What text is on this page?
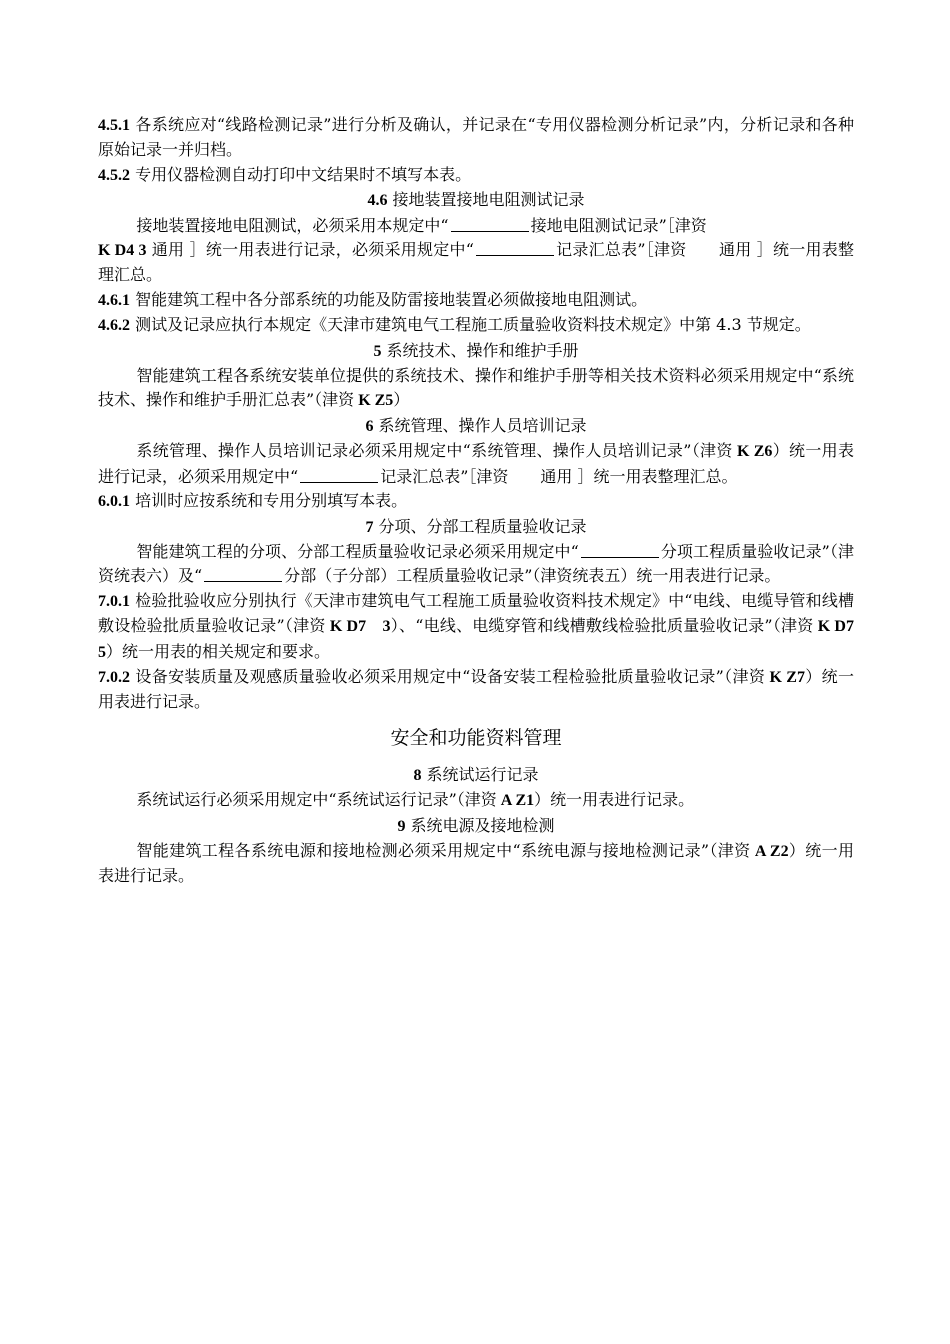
4.5.1 各系统应对“线路检测记录”进行分析及确认，并记录在“专用仪器检测分析记录”内，分析记录和各种原始记录一并归档。

4.5.2 专用仪器检测自动打印中文结果时不填写本表。

4.6 接地装置接地电阻测试记录

接地装置接地电阻测试，必须采用本规定中“	接地电阻测试记录”［津资
K D4 3 通用 ］统一用表进行记录，必须采用规定中“	记录汇总表”［津资　　通用 ］统一用表整理汇总。

4.6.1 智能建筑工程中各分部系统的功能及防雷接地装置必须做接地电阻测试。

4.6.2 测试及记录应执行本规定《天津市建筑电气工程施工质量验收资料技术规定》中第 4.3 节规定。

5 系统技术、操作和维护手册

智能建筑工程各系统安装单位提供的系统技术、操作和维护手册等相关技术资料必须采用规定中“系统技术、操作和维护手册汇总表”（津资 K Z5）

6 系统管理、操作人员培训记录

系统管理、操作人员培训记录必须采用规定中“系统管理、操作人员培训记录”（津资 K Z6）统一用表进行记录，必须采用规定中“	记录汇总表”［津资　　通用 ］统一用表整理汇总。

6.0.1 培训时应按系统和专用分别填写本表。

7 分项、分部工程质量验收记录

智能建筑工程的分项、分部工程质量验收记录必须采用规定中“	分项工程质量验收记录”（津资统表六）及“	分部（子分部）工程质量验收记录”（津资统表五）统一用表进行记录。

7.0.1 检验批验收应分别执行《天津市建筑电气工程施工质量验收资料技术规定》中“电线、电缆导管和线槽敷设检验批质量验收记录”（津资 K D7　3）、“电线、电缆穿管和线槽敷线检验批质量验收记录”（津资 K D7　5）统一用表的相关规定和要求。

7.0.2 设备安装质量及观感质量验收必须采用规定中“设备安装工程检验批质量验收记录”（津资 K Z7）统一用表进行记录。

安全和功能资料管理

8 系统试运行记录

系统试运行必须采用规定中“系统试运行记录”（津资 A Z1）统一用表进行记录。

9 系统电源及接地检测

智能建筑工程各系统电源和接地检测必须采用规定中“系统电源与接地检测记录”（津资 A Z2）统一用表进行记录。
